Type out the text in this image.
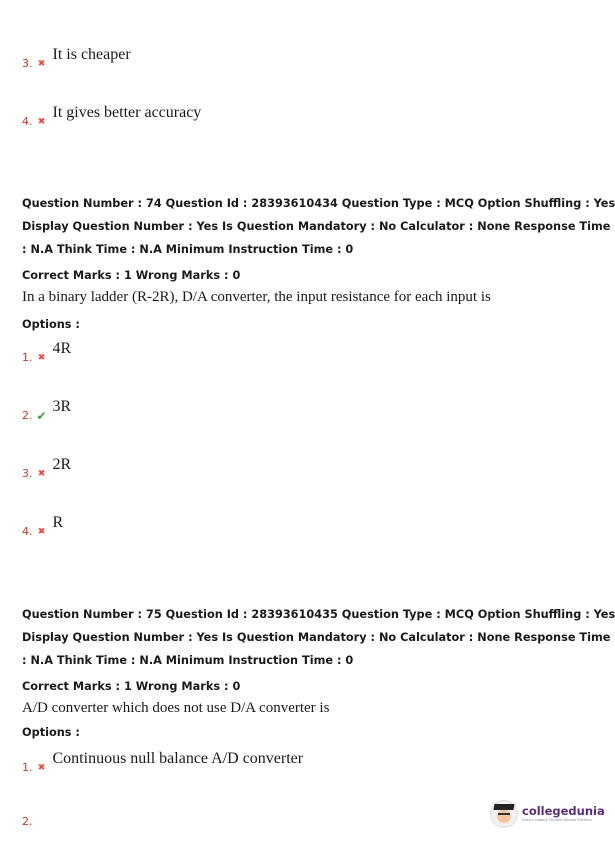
3. ✖
It is cheaper
4. ✖
It gives better accuracy
Question Number : 74 Question Id : 28393610434 Question Type : MCQ Option Shuffling : Yes
Display Question Number : Yes Is Question Mandatory : No Calculator : None Response Time
: N.A Think Time : N.A Minimum Instruction Time : 0
Correct Marks : 1 Wrong Marks : 0
In a binary ladder (R-2R), D/A converter, the input resistance for each input is
Options :
1. ✖
4R
2. ✔
3R
3. ✖
2R
4. ✖
R
Question Number : 75 Question Id : 28393610435 Question Type : MCQ Option Shuffling : Yes
Display Question Number : Yes Is Question Mandatory : No Calculator : None Response Time
: N.A Think Time : N.A Minimum Instruction Time : 0
Correct Marks : 1 Wrong Marks : 0
A/D converter which does not use D/A converter is
Options :
1. ✖
Continuous null balance A/D converter
2.
collegedunia
India's Largest Student Review Platform
